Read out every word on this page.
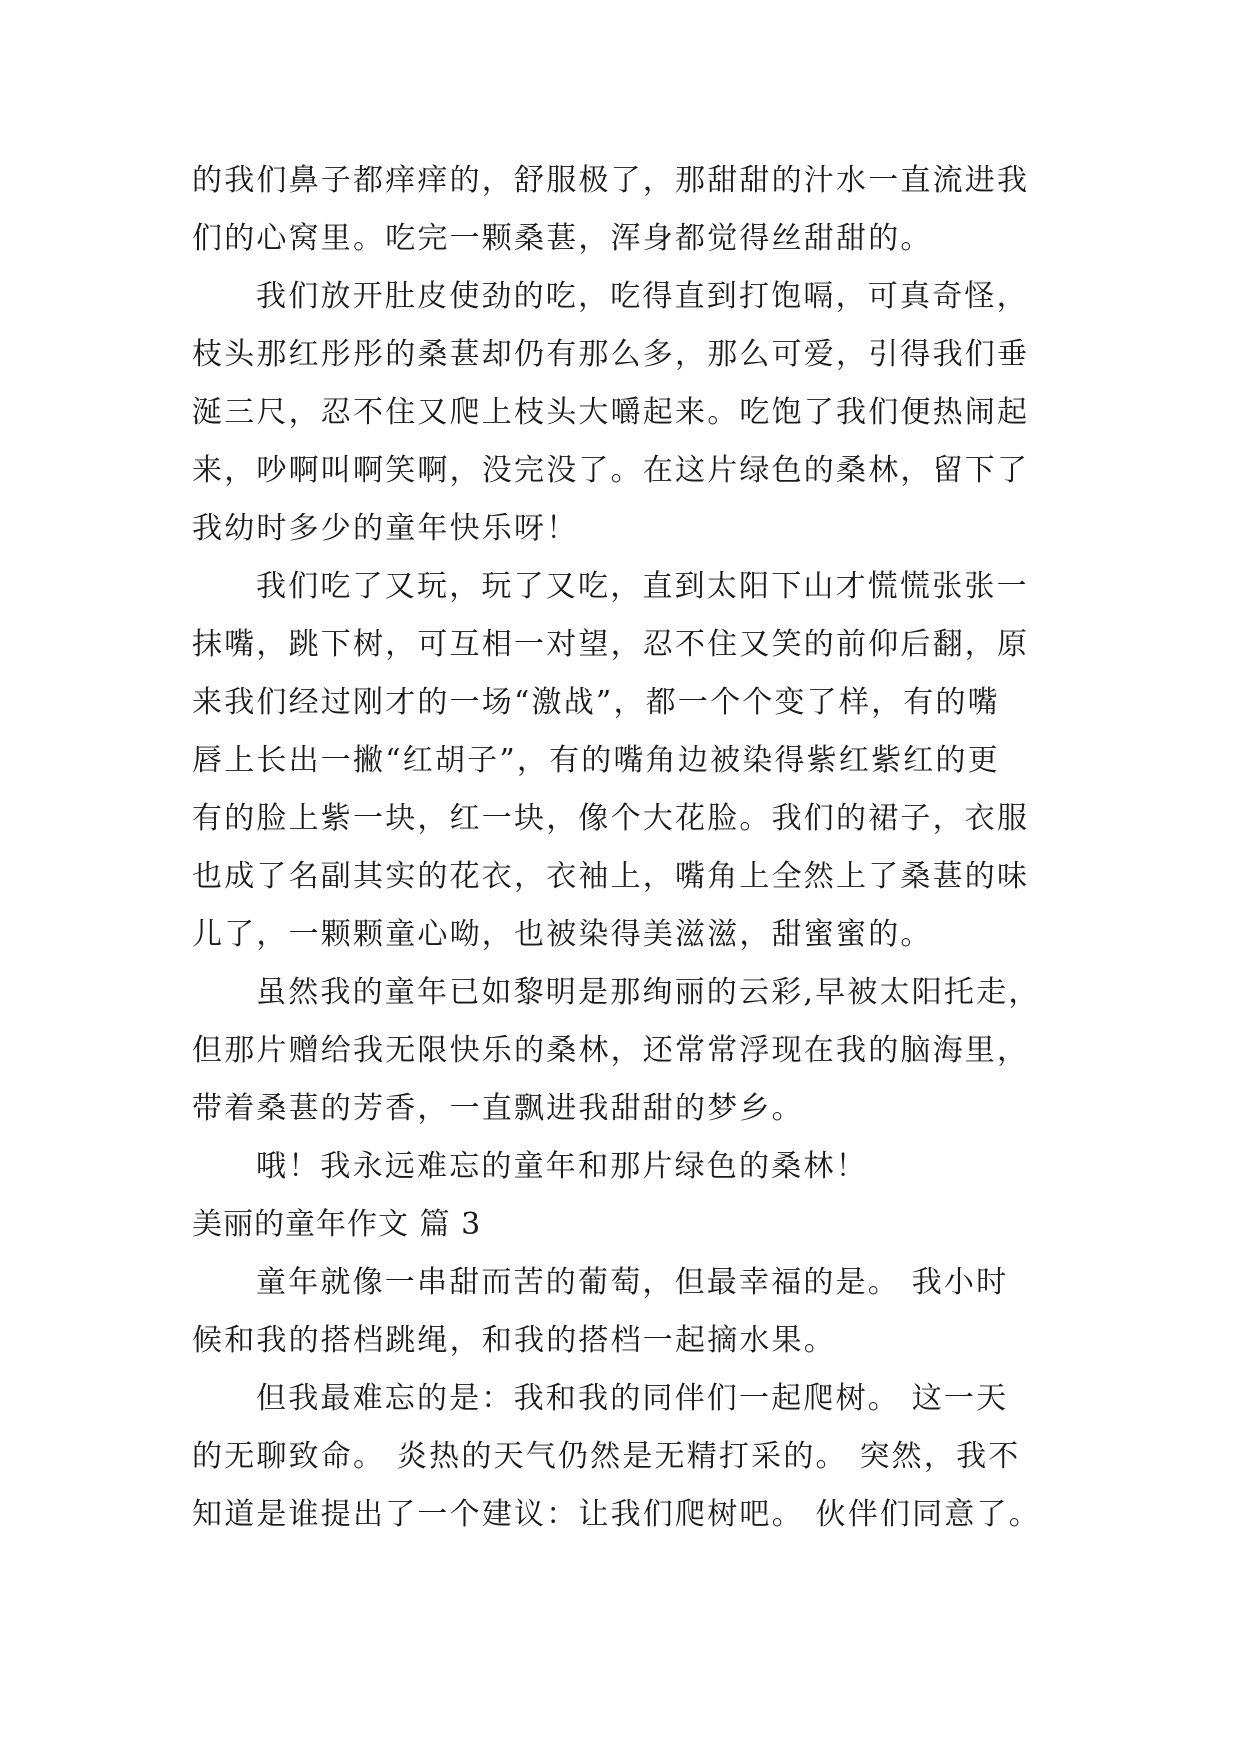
的我们鼻子都痒痒的，舒服极了，那甜甜的汁水一直流进我
们的心窝里。吃完一颗桑葚，浑身都觉得丝甜甜的。
我们放开肚皮使劲的吃，吃得直到打饱嗝，可真奇怪，
枝头那红彤彤的桑葚却仍有那么多，那么可爱，引得我们垂
涎三尺，忍不住又爬上枝头大嚼起来。吃饱了我们便热闹起
来，吵啊叫啊笑啊，没完没了。在这片绿色的桑林，留下了
我幼时多少的童年快乐呀！
我们吃了又玩，玩了又吃，直到太阳下山才慌慌张张一
抹嘴，跳下树，可互相一对望，忍不住又笑的前仰后翻，原
来我们经过刚才的一场“激战”，都一个个变了样，有的嘴
唇上长出一撇“红胡子”，有的嘴角边被染得紫红紫红的更
有的脸上紫一块，红一块，像个大花脸。我们的裙子，衣服
也成了名副其实的花衣，衣袖上，嘴角上全然上了桑葚的味
儿了，一颗颗童心呦，也被染得美滋滋，甜蜜蜜的。
虽然我的童年已如黎明是那绚丽的云彩,早被太阳托走，
但那片赠给我无限快乐的桑林，还常常浮现在我的脑海里，
带着桑葚的芳香，一直飘进我甜甜的梦乡。
哦！我永远难忘的童年和那片绿色的桑林！
美丽的童年作文 篇 3
童年就像一串甜而苦的葡萄，但最幸福的是。 我小时
候和我的搭档跳绳，和我的搭档一起摘水果。
但我最难忘的是：我和我的同伴们一起爬树。 这一天
的无聊致命。 炎热的天气仍然是无精打采的。 突然，我不
知道是谁提出了一个建议：让我们爬树吧。 伙伴们同意了。
